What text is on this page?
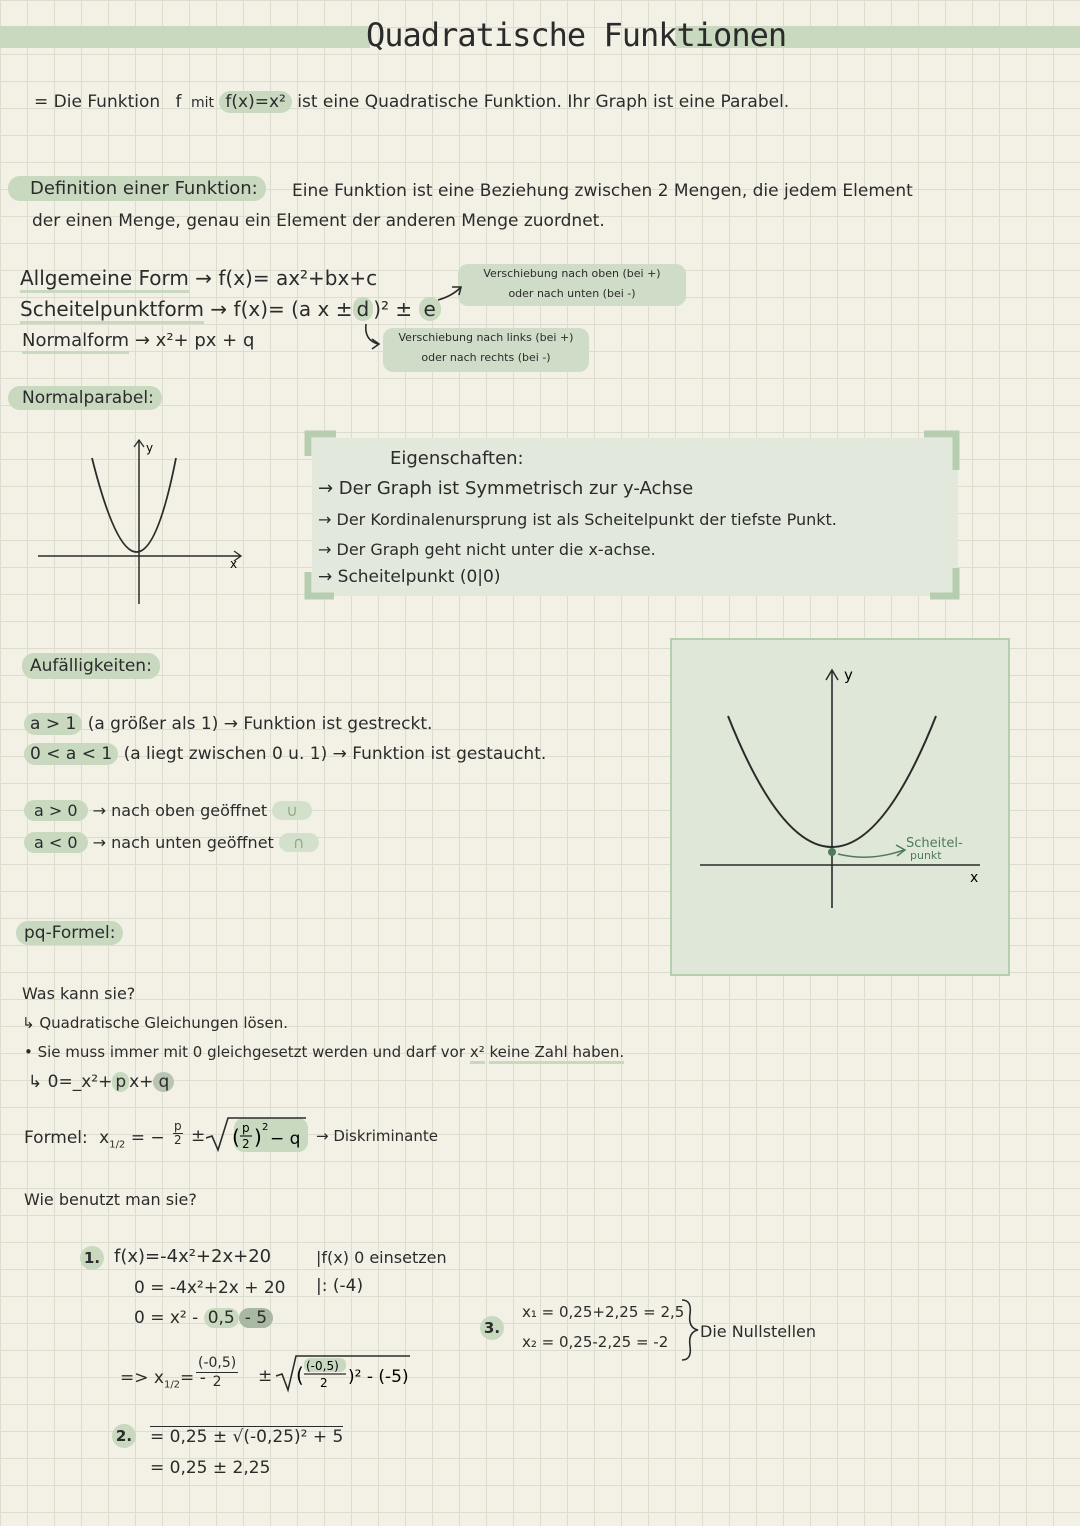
Quadratische Funktionen
= Die Funktion f mit f(x)=x² ist eine Quadratische Funktion. Ihr Graph ist eine Parabel.
Definition einer Funktion:	Eine Funktion ist eine Beziehung zwischen 2 Mengen, die jedem Element
der einen Menge, genau ein Element der anderen Menge zuordnet.
Allgemeine Form → f(x)= ax²+bx+c
Scheitelpunktform → f(x)= (a x ± d )² ± e
Normalform → x²+ px + q
Verschiebung nach oben (bei +)
oder nach unten (bei -)
Verschiebung nach links (bei +)
oder nach rechts (bei -)
Normalparabel:
y
x
Eigenschaften:
→ Der Graph ist Symmetrisch zur y-Achse
→ Der Kordinalenursprung ist als Scheitelpunkt der tiefste Punkt.
→ Der Graph geht nicht unter die x-achse.
→ Scheitelpunkt (0|0)
Aufälligkeiten:
a > 1 (a größer als 1) → Funktion ist gestreckt.
0 < a < 1 (a liegt zwischen 0 u. 1) → Funktion ist gestaucht.
a > 0 → nach oben geöffnet ∪
a < 0 → nach unten geöffnet ∩
y
x
Scheitel-
punkt
pq-Formel:
Was kann sie?
↳ Quadratische Gleichungen lösen.
• Sie muss immer mit 0 gleichgesetzt werden und darf vor x² keine Zahl haben.
↳ 0=_x²+ p x+ q
Formel: $x_{1/2}$ = −
p
2 ± ( p
2 ) 2
− q → Diskriminante
Wie benutzt man sie?
1. f(x)=-4x²+2x+20	|f(x) 0 einsetzen
0 = -4x²+2x + 20 |: (-4)
0 = x² - 0,5 - 5
=> $x_{1/2}=$ -
(-0,5)
2	± ( (-0,5)
2 )² - (-5)
2. = 0,25 ± √(-0,25)² + 5
= 0,25 ± 2,25
3.
x₁ = 0,25+2,25 = 2,5
x₂ = 0,25-2,25 = -2
Die Nullstellen
